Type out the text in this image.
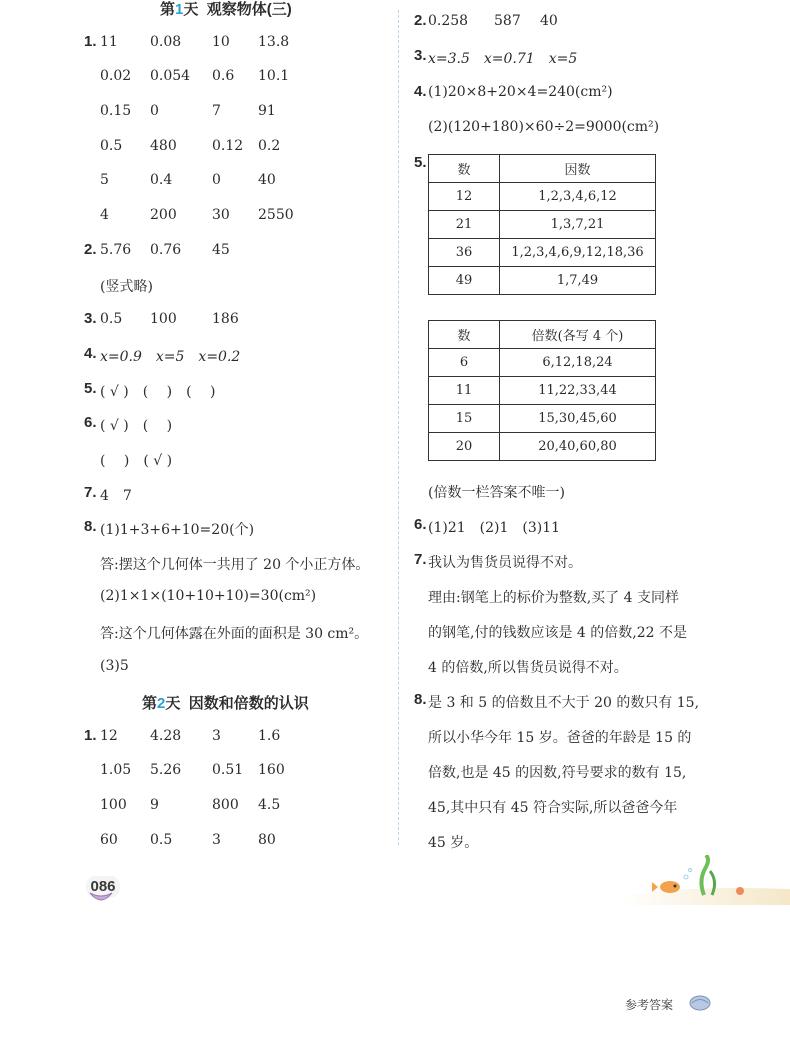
第1天 观察物体(三)
1. 11 0.08 10 13.8
0.02 0.054 0.6 10.1
0.15 0	7	91
0.5 480	0.12 0.2
5	0.4	0	40
4	200	30 2550
2. 5.76 0.76 45
(竖式略)
3. 0.5 100	186
4. x=0.9　x=5　x=0.2
5. ( √ )　(　 )　(　 )
6. ( √ )　(　 )
(　 )　( √ )
7. 4　7
8. (1)1+3+6+10=20(个)
答:摆这个几何体一共用了 20 个小正方体。
(2)1×1×(10+10+10)=30(cm²)
答:这个几何体露在外面的面积是 30 cm²。
(3)5
第2天 因数和倍数的认识
1. 12 4.28 3	1.6
1.05 5.26 0.51 160
100 9	800 4.5
60 0.5	3	80
2. 0.258 587 40
3. x=3.5　x=0.71　x=5
4. (1)20×8+20×4=240(cm²)
(2)(120+180)×60÷2=9000(cm²)
5. 数	因数
12	1,2,3,4,6,12
21	1,3,7,21
36	1,2,3,4,6,9,12,18,36
49	1,7,49
数	倍数(各写 4 个)
6	6,12,18,24
11	11,22,33,44
15	15,30,45,60
20	20,40,60,80
(倍数一栏答案不唯一)
6. (1)21　(2)1　(3)11
7. 我认为售货员说得不对。
理由:钢笔上的标价为整数,买了 4 支同样
的钢笔,付的钱数应该是 4 的倍数,22 不是
4 的倍数,所以售货员说得不对。
8. 是 3 和 5 的倍数且不大于 20 的数只有 15,
所以小华今年 15 岁。爸爸的年龄是 15 的
倍数,也是 45 的因数,符号要求的数有 15,
45,其中只有 45 符合实际,所以爸爸今年
45 岁。
086
参考答案
